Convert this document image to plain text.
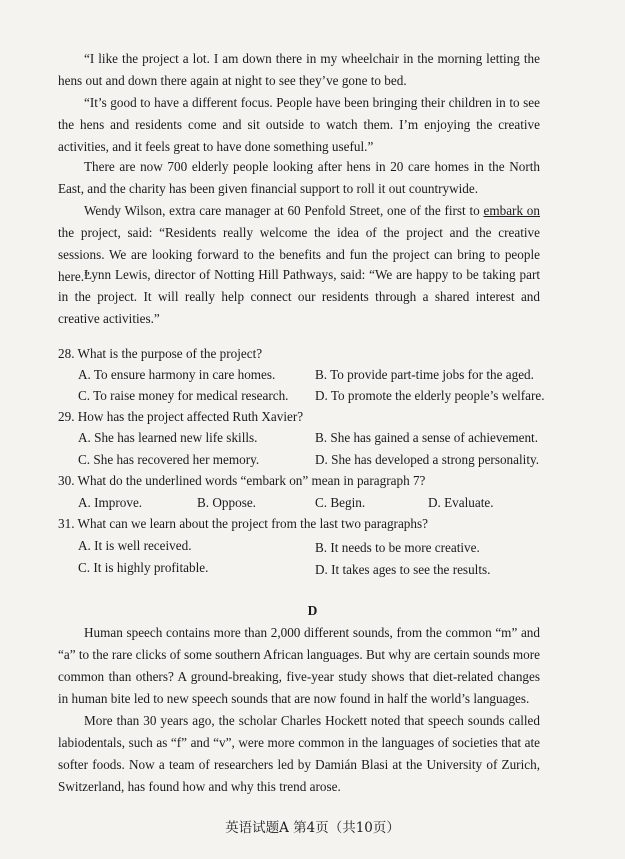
“I like the project a lot. I am down there in my wheelchair in the morning letting the hens out and down there again at night to see they’ve gone to bed.

“It’s good to have a different focus. People have been bringing their children in to see the hens and residents come and sit outside to watch them. I’m enjoying the creative activities, and it feels great to have done something useful.”

There are now 700 elderly people looking after hens in 20 care homes in the North East, and the charity has been given financial support to roll it out countrywide.

Wendy Wilson, extra care manager at 60 Penfold Street, one of the first to embark on the project, said: “Residents really welcome the idea of the project and the creative sessions. We are looking forward to the benefits and fun the project can bring to people here.”

Lynn Lewis, director of Notting Hill Pathways, said: “We are happy to be taking part in the project. It will really help connect our residents through a shared interest and creative activities.”

28. What is the purpose of the project?
A. To ensure harmony in care homes.	B. To provide part-time jobs for the aged.
C. To raise money for medical research. D. To promote the elderly people’s welfare.
29. How has the project affected Ruth Xavier?
A. She has learned new life skills.	B. She has gained a sense of achievement.
C. She has recovered her memory.	D. She has developed a strong personality.
30. What do the underlined words “embark on” mean in paragraph 7?
A. Improve.	B. Oppose.	C. Begin.	D. Evaluate.
31. What can we learn about the project from the last two paragraphs?
A. It is well received.	B. It needs to be more creative.
C. It is highly profitable.	D. It takes ages to see the results.
D

Human speech contains more than 2,000 different sounds, from the common “m” and “a” to the rare clicks of some southern African languages. But why are certain sounds more common than others? A ground-breaking, five-year study shows that diet-related changes in human bite led to new speech sounds that are now found in half the world’s languages.

More than 30 years ago, the scholar Charles Hockett noted that speech sounds called labiodentals, such as “f” and “v”, were more common in the languages of societies that ate softer foods. Now a team of researchers led by Damián Blasi at the University of Zurich, Switzerland, has found how and why this trend arose.

英语试题A 第4页（共10页）
